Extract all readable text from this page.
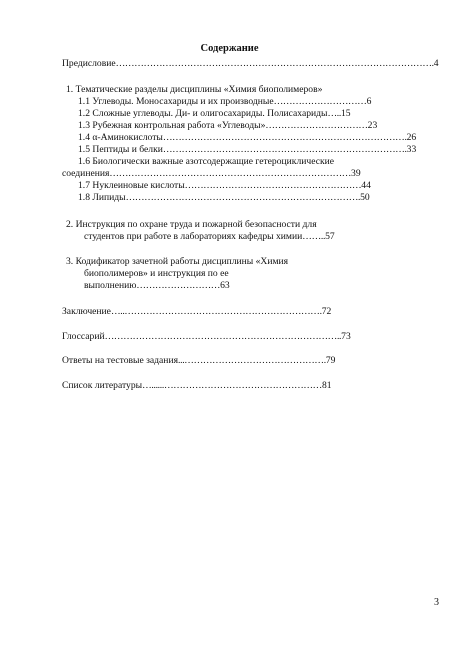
Содержание
Предисловие………………………………………………………………………………………….4
1. Тематические разделы дисциплины «Химия биополимеров»
1.1 Углеводы. Моносахариды и их производные…………………………6
1.2 Сложные углеводы. Ди- и олигосахариды. Полисахариды…..15
1.3 Рубежная контрольная работа «Углеводы»……………………………23
1.4 α-Аминокислоты…………………………………………………………………….26
1.5 Пептиды и белки…………………………………………………………………….33
1.6 Биологически важные азотсодержащие гетероциклические
соединения……………………………………………………………………39
1.7 Нуклеиновые кислоты…………………………………………………44
1.8 Липиды………………………………………………………………….50
2. Инструкция по охране труда и пожарной безопасности для
студентов при работе в лабораториях кафедры химии……..57
3. Кодификатор зачетной работы дисциплины «Химия
биополимеров» и инструкция по ее
выполнению………………………63
Заключение…..……………………………………………………….72
Глоссарий…………………………………………………………………..73
Ответы на тестовые задания...……………………………………….79
Список литературы…......……………………………………………81
3
